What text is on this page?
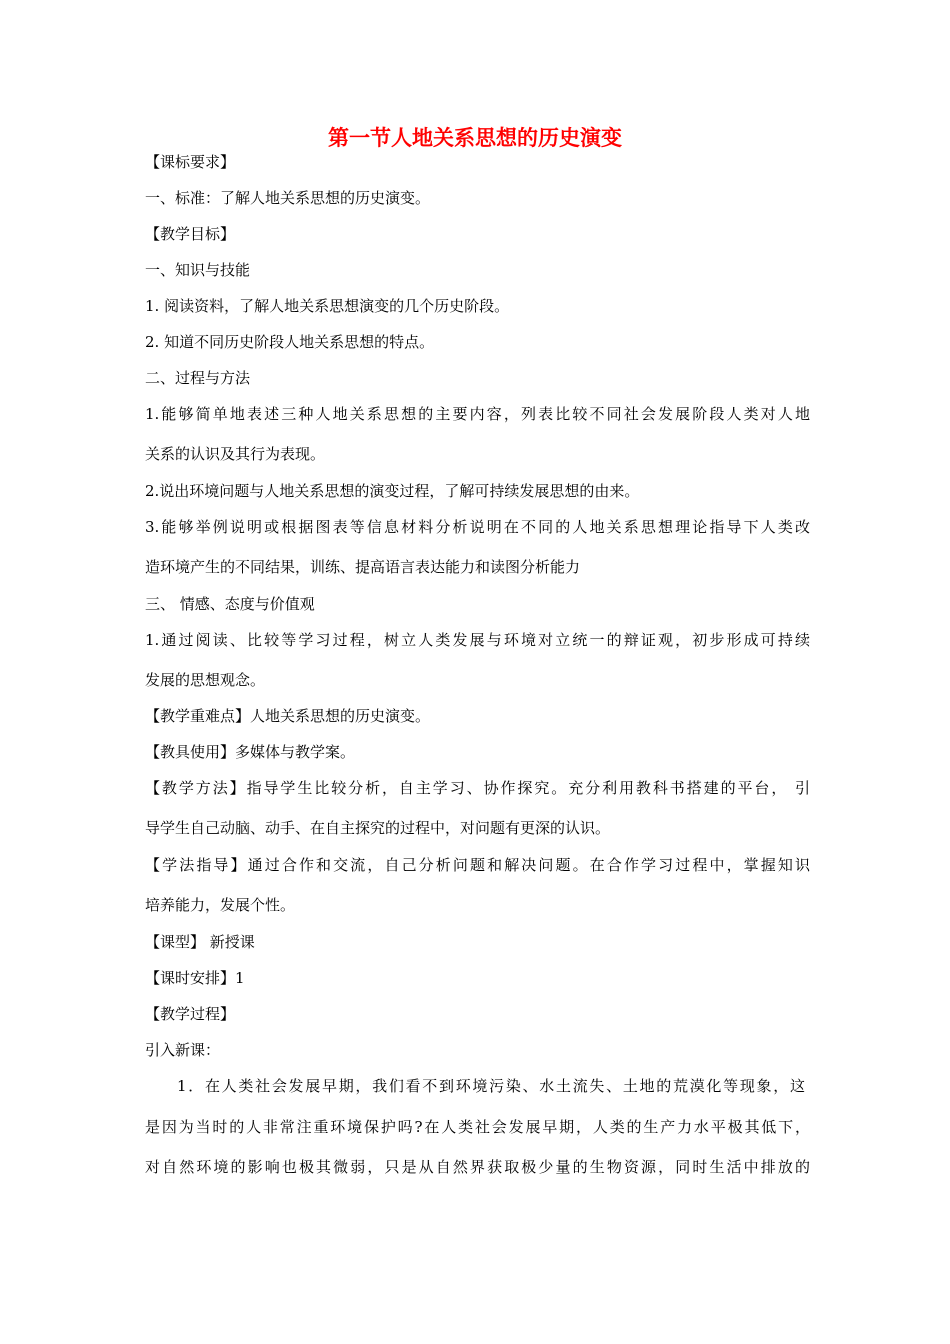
第一节人地关系思想的历史演变
【课标要求】
一、标准：了解人地关系思想的历史演变。
【教学目标】
一、知识与技能
1. 阅读资料，了解人地关系思想演变的几个历史阶段。
2. 知道不同历史阶段人地关系思想的特点。
二、过程与方法
1.能够简单地表述三种人地关系思想的主要内容，列表比较不同社会发展阶段人类对人地
关系的认识及其行为表现。
2.说出环境问题与人地关系思想的演变过程，了解可持续发展思想的由来。
3.能够举例说明或根据图表等信息材料分析说明在不同的人地关系思想理论指导下人类改
造环境产生的不同结果，训练、提高语言表达能力和读图分析能力
三、 情感、态度与价值观
1.通过阅读、比较等学习过程，树立人类发展与环境对立统一的辩证观，初步形成可持续
发展的思想观念。
【教学重难点】人地关系思想的历史演变。
【教具使用】多媒体与教学案。
【教学方法】指导学生比较分析，自主学习、协作探究。充分利用教科书搭建的平台， 引
导学生自己动脑、动手、在自主探究的过程中，对问题有更深的认识。
【学法指导】通过合作和交流，自己分析问题和解决问题。在合作学习过程中，掌握知识
培养能力，发展个性。
【课型】 新授课
【课时安排】1
【教学过程】
引入新课：
1．在人类社会发展早期，我们看不到环境污染、水土流失、土地的荒漠化等现象，这
是因为当时的人非常注重环境保护吗?在人类社会发展早期，人类的生产力水平极其低下，
对自然环境的影响也极其微弱，只是从自然界获取极少量的生物资源，同时生活中排放的
